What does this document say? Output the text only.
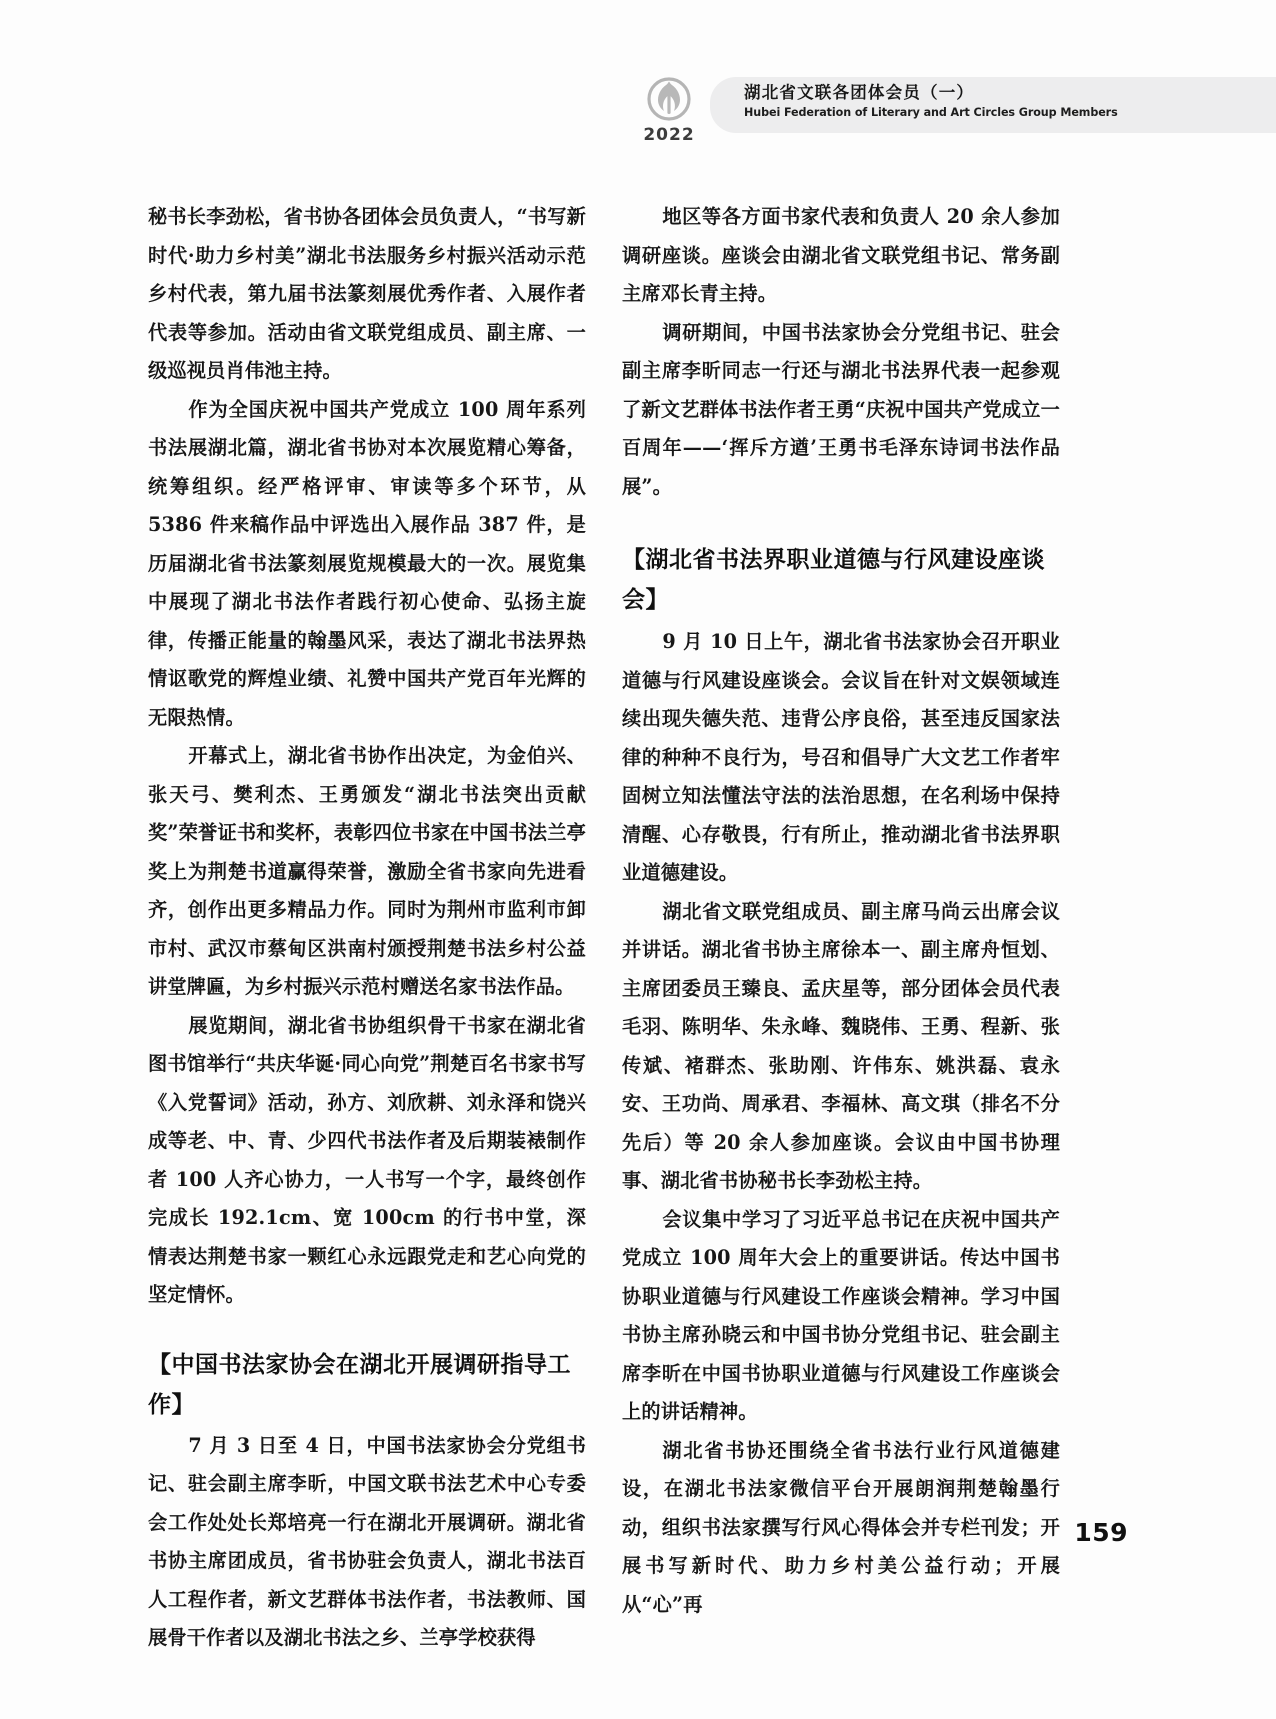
2022
湖北省文联各团体会员（一）
Hubei Federation of Literary and Art Circles Group Members

秘书长李劲松，省书协各团体会员负责人，“书写新时代·助力乡村美”湖北书法服务乡村振兴活动示范乡村代表，第九届书法篆刻展优秀作者、入展作者代表等参加。活动由省文联党组成员、副主席、一级巡视员肖伟池主持。

作为全国庆祝中国共产党成立 100 周年系列书法展湖北篇，湖北省书协对本次展览精心筹备，统筹组织。经严格评审、审读等多个环节，从 5386 件来稿作品中评选出入展作品 387 件，是历届湖北省书法篆刻展览规模最大的一次。展览集中展现了湖北书法作者践行初心使命、弘扬主旋律，传播正能量的翰墨风采，表达了湖北书法界热情讴歌党的辉煌业绩、礼赞中国共产党百年光辉的无限热情。

开幕式上，湖北省书协作出决定，为金伯兴、张天弓、樊利杰、王勇颁发“湖北书法突出贡献奖”荣誉证书和奖杯，表彰四位书家在中国书法兰亭奖上为荆楚书道赢得荣誉，激励全省书家向先进看齐，创作出更多精品力作。同时为荆州市监利市卸市村、武汉市蔡甸区洪南村颁授荆楚书法乡村公益讲堂牌匾，为乡村振兴示范村赠送名家书法作品。

展览期间，湖北省书协组织骨干书家在湖北省图书馆举行“共庆华诞·同心向党”荆楚百名书家书写《入党誓词》活动，孙方、刘欣耕、刘永泽和饶兴成等老、中、青、少四代书法作者及后期装裱制作者 100 人齐心协力，一人书写一个字，最终创作完成长 192.1cm、宽 100cm 的行书中堂，深情表达荆楚书家一颗红心永远跟党走和艺心向党的坚定情怀。

【中国书法家协会在湖北开展调研指导工作】

7 月 3 日至 4 日，中国书法家协会分党组书记、驻会副主席李昕，中国文联书法艺术中心专委会工作处处长郑培亮一行在湖北开展调研。湖北省书协主席团成员，省书协驻会负责人，湖北书法百人工程作者，新文艺群体书法作者，书法教师、国展骨干作者以及湖北书法之乡、兰亭学校获得

地区等各方面书家代表和负责人 20 余人参加调研座谈。座谈会由湖北省文联党组书记、常务副主席邓长青主持。

调研期间，中国书法家协会分党组书记、驻会副主席李昕同志一行还与湖北书法界代表一起参观了新文艺群体书法作者王勇“庆祝中国共产党成立一百周年——‘挥斥方遒’王勇书毛泽东诗词书法作品展”。

【湖北省书法界职业道德与行风建设座谈会】

9 月 10 日上午，湖北省书法家协会召开职业道德与行风建设座谈会。会议旨在针对文娱领域连续出现失德失范、违背公序良俗，甚至违反国家法律的种种不良行为，号召和倡导广大文艺工作者牢固树立知法懂法守法的法治思想，在名利场中保持清醒、心存敬畏，行有所止，推动湖北省书法界职业道德建设。

湖北省文联党组成员、副主席马尚云出席会议并讲话。湖北省书协主席徐本一、副主席舟恒划、主席团委员王臻良、孟庆星等，部分团体会员代表毛羽、陈明华、朱永峰、魏晓伟、王勇、程新、张传斌、褚群杰、张助刚、许伟东、姚洪磊、袁永安、王功尚、周承君、李福林、高文琪（排名不分先后）等 20 余人参加座谈。会议由中国书协理事、湖北省书协秘书长李劲松主持。

会议集中学习了习近平总书记在庆祝中国共产党成立 100 周年大会上的重要讲话。传达中国书协职业道德与行风建设工作座谈会精神。学习中国书协主席孙晓云和中国书协分党组书记、驻会副主席李昕在中国书协职业道德与行风建设工作座谈会上的讲话精神。

湖北省书协还围绕全省书法行业行风道德建设，在湖北书法家微信平台开展朗润荆楚翰墨行动，组织书法家撰写行风心得体会并专栏刊发；开展书写新时代、助力乡村美公益行动；开展从“心”再

159
